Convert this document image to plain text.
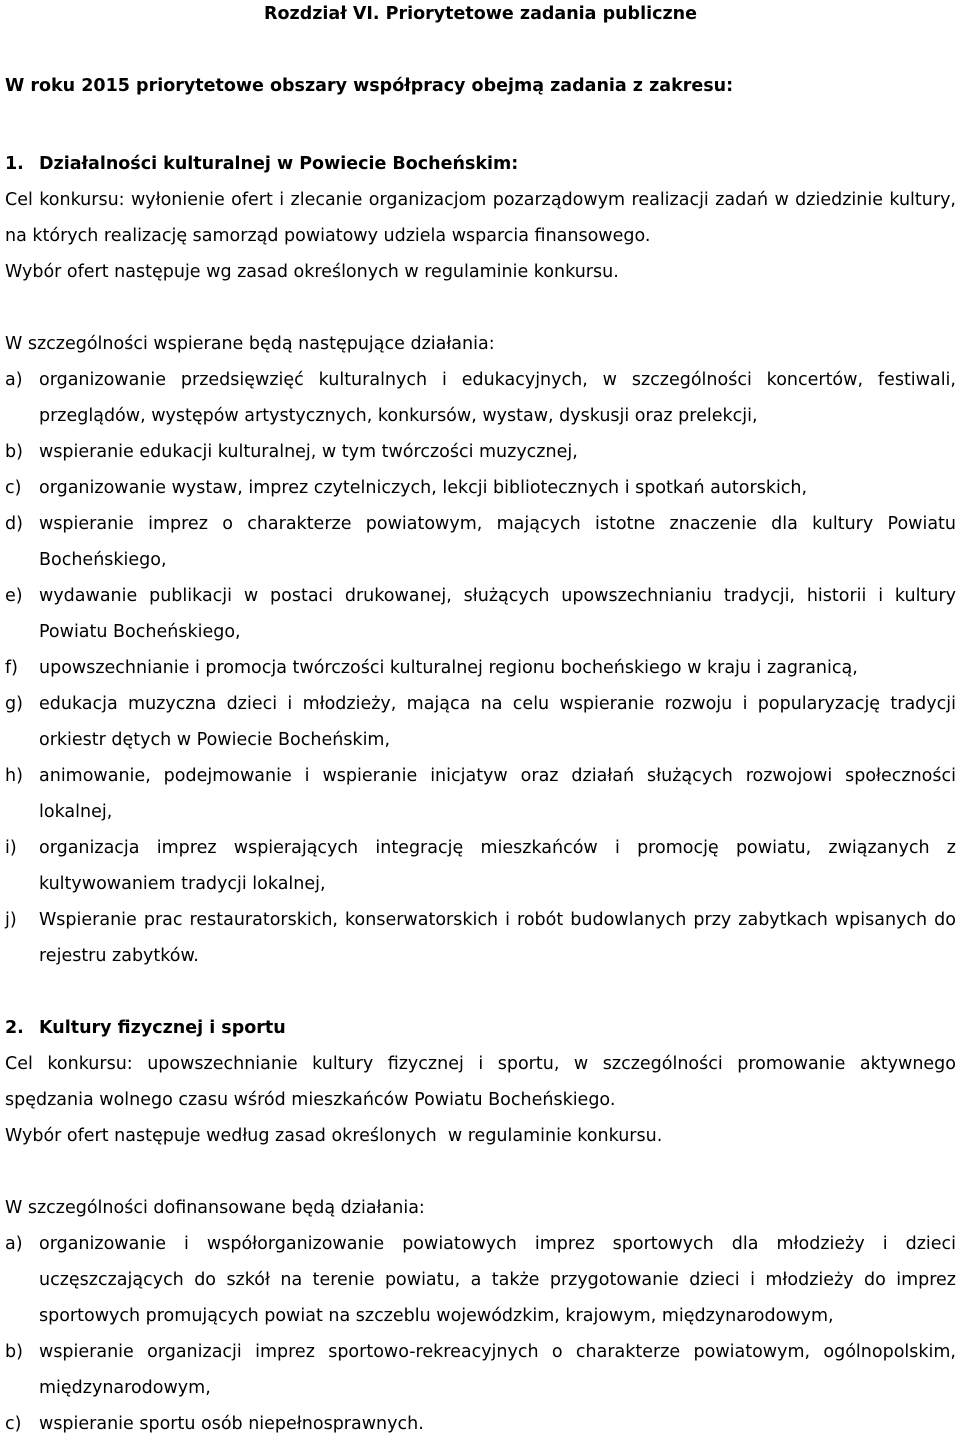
Rozdział VI. Priorytetowe zadania publiczne

W roku 2015 priorytetowe obszary współpracy obejmą zadania z zakresu:

1. Działalności kulturalnej w Powiecie Bocheńskim:

Cel konkursu: wyłonienie ofert i zlecanie organizacjom pozarządowym realizacji zadań w dziedzinie kultury, na których realizację samorząd powiatowy udziela wsparcia finansowego.

Wybór ofert następuje wg zasad określonych w regulaminie konkursu.

W szczególności wspierane będą następujące działania:

a) organizowanie przedsięwzięć kulturalnych i edukacyjnych, w szczególności koncertów, festiwali, przeglądów, występów artystycznych, konkursów, wystaw, dyskusji oraz prelekcji,
b) wspieranie edukacji kulturalnej, w tym twórczości muzycznej,
c)	organizowanie wystaw, imprez czytelniczych, lekcji bibliotecznych i spotkań autorskich,
d) wspieranie imprez o charakterze powiatowym, mających istotne znaczenie dla kultury Powiatu Bocheńskiego,
e) wydawanie publikacji w postaci drukowanej, służących upowszechnianiu tradycji, historii i kultury Powiatu Bocheńskiego,
f)	upowszechnianie i promocja twórczości kulturalnej regionu bocheńskiego w kraju i zagranicą,
g) edukacja muzyczna dzieci i młodzieży, mająca na celu wspieranie rozwoju i popularyzację tradycji orkiestr dętych w Powiecie Bocheńskim,
h) animowanie, podejmowanie i wspieranie inicjatyw oraz działań służących rozwojowi społeczności lokalnej,
i)	organizacja imprez wspierających integrację mieszkańców i promocję powiatu, związanych z kultywowaniem tradycji lokalnej,
j)	Wspieranie prac restauratorskich, konserwatorskich i robót budowlanych przy zabytkach wpisanych do rejestru zabytków.
2. Kultury fizycznej i sportu

Cel konkursu: upowszechnianie kultury fizycznej i sportu, w szczególności promowanie aktywnego spędzania wolnego czasu wśród mieszkańców Powiatu Bocheńskiego.

Wybór ofert następuje według zasad określonych  w regulaminie konkursu.

W szczególności dofinansowane będą działania:

a) organizowanie i współorganizowanie powiatowych imprez sportowych dla młodzieży i dzieci uczęszczających do szkół na terenie powiatu, a także przygotowanie dzieci i młodzieży do imprez sportowych promujących powiat na szczeblu wojewódzkim, krajowym, międzynarodowym,
b) wspieranie organizacji imprez sportowo-rekreacyjnych o charakterze powiatowym, ogólnopolskim, międzynarodowym,
c)	wspieranie sportu osób niepełnosprawnych.
